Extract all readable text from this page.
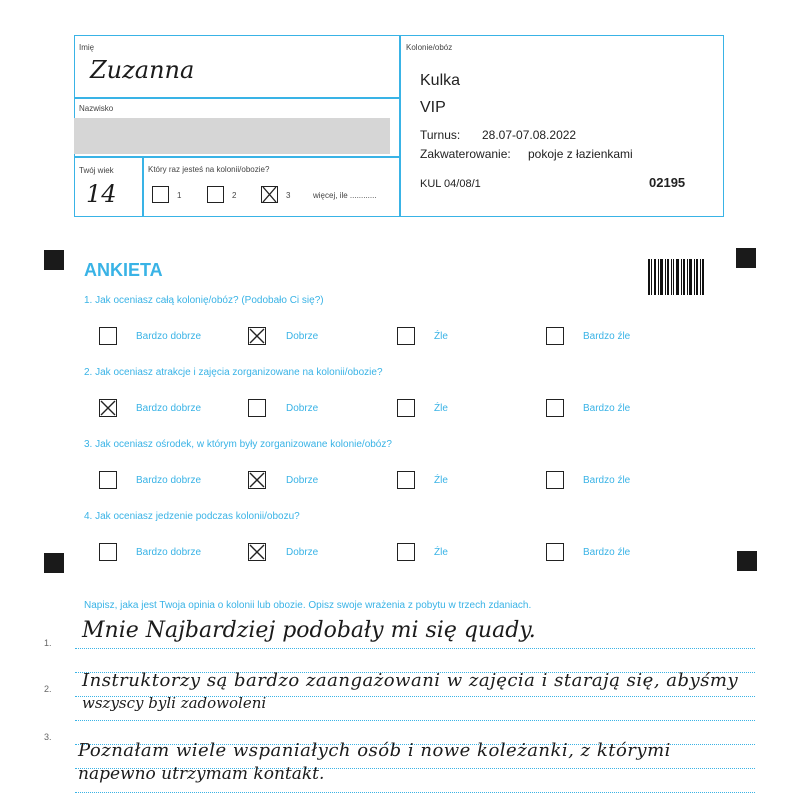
Imię
Zuzanna
Nazwisko
Twój wiek
14
Który raz jesteś na kolonii/obozie?
1	2	3	więcej, ile ............
Kolonie/obóz
Kulka
VIP
Turnus: 28.07-07.08.2022
Zakwaterowanie: pokoje z łazienkami
KUL 04/08/1	02195
ANKIETA
1. Jak oceniasz całą kolonię/obóz? (Podobało Ci się?)
Bardzo dobrze	Dobrze	Źle	Bardzo źle
2. Jak oceniasz atrakcje i zajęcia zorganizowane na kolonii/obozie?
Bardzo dobrze	Dobrze	Źle	Bardzo źle
3. Jak oceniasz ośrodek, w którym były zorganizowane kolonie/obóz?
Bardzo dobrze	Dobrze	Źle	Bardzo źle
4. Jak oceniasz jedzenie podczas kolonii/obozu?
Bardzo dobrze	Dobrze	Źle	Bardzo źle
Napisz, jaka jest Twoja opinia o kolonii lub obozie. Opisz swoje wrażenia z pobytu w trzech zdaniach.
1.
2.
3.
Mnie Najbardziej podobały mi się quady.
Instruktorzy są bardzo zaangażowani w zajęcia i starają się, abyśmy
wszyscy byli zadowoleni
Poznałam wiele wspaniałych osób i nowe koleżanki, z którymi
napewno utrzymam kontakt.
